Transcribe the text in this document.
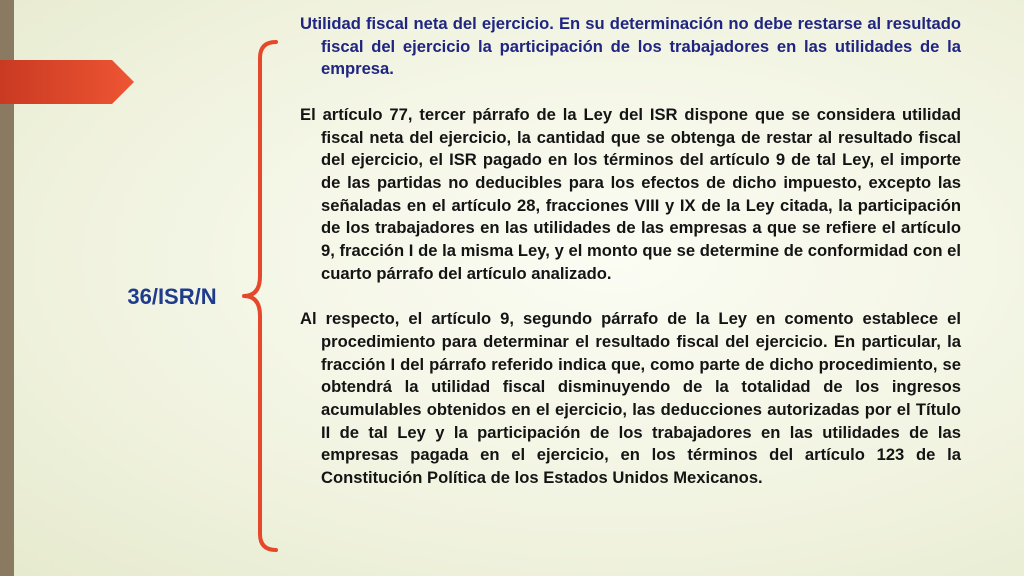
36/ISR/N

Utilidad fiscal neta del ejercicio. En su determinación no debe restarse al resultado fiscal del ejercicio la participación de los trabajadores en las utilidades de la empresa.

El artículo 77, tercer párrafo de la Ley del ISR dispone que se considera utilidad fiscal neta del ejercicio, la cantidad que se obtenga de restar al resultado fiscal del ejercicio, el ISR pagado en los términos del artículo 9 de tal Ley, el importe de las partidas no deducibles para los efectos de dicho impuesto, excepto las señaladas en el artículo 28, fracciones VIII y IX de la Ley citada, la participación de los trabajadores en las utilidades de las empresas a que se refiere el artículo 9, fracción I de la misma Ley, y el monto que se determine de conformidad con el cuarto párrafo del artículo analizado.

Al respecto, el artículo 9, segundo párrafo de la Ley en comento establece el procedimiento para determinar el resultado fiscal del ejercicio. En particular, la fracción I del párrafo referido indica que, como parte de dicho procedimiento, se obtendrá la utilidad fiscal disminuyendo de la totalidad de los ingresos acumulables obtenidos en el ejercicio, las deducciones autorizadas por el Título II de tal Ley y la participación de los trabajadores en las utilidades de las empresas pagada en el ejercicio, en los términos del artículo 123 de la Constitución Política de los Estados Unidos Mexicanos.
